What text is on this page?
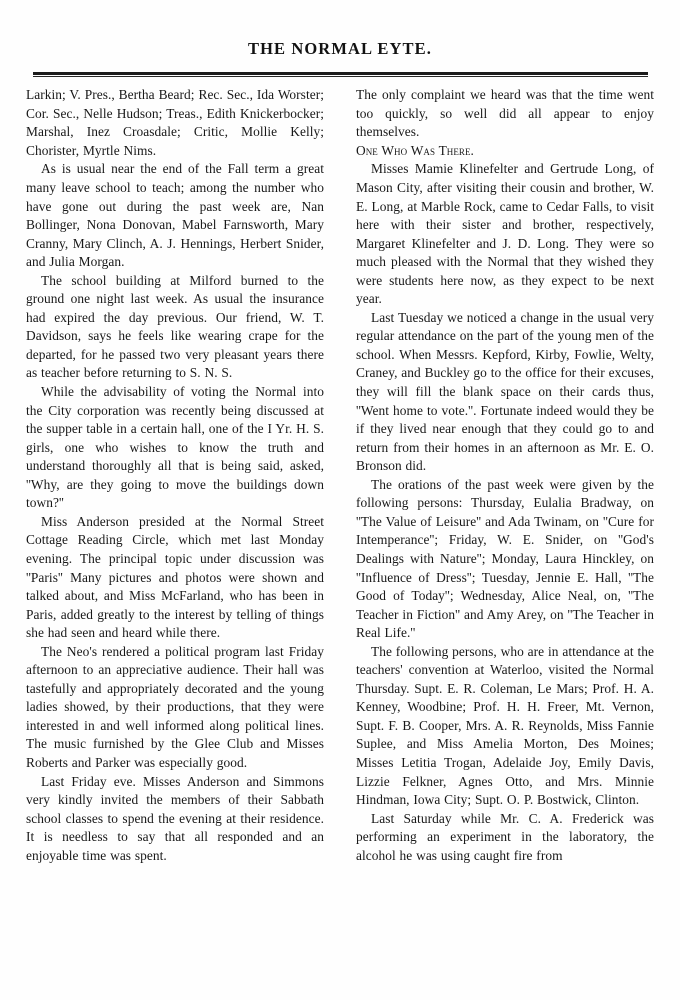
THE NORMAL EYTE.

Larkin; V. Pres., Bertha Beard; Rec. Sec., Ida Worster; Cor. Sec., Nelle Hudson; Treas., Edith Knickerbocker; Marshal, Inez Croasdale; Critic, Mollie Kelly; Chorister, Myrtle Nims.

As is usual near the end of the Fall term a great many leave school to teach; among the number who have gone out during the past week are, Nan Bollinger, Nona Donovan, Mabel Farnsworth, Mary Cranny, Mary Clinch, A. J. Hennings, Herbert Snider, and Julia Morgan.

The school building at Milford burned to the ground one night last week. As usual the insurance had expired the day previous. Our friend, W. T. Davidson, says he feels like wearing crape for the departed, for he passed two very pleasant years there as teacher before returning to S. N. S.

While the advisability of voting the Normal into the City corporation was recently being discussed at the supper table in a certain hall, one of the I Yr. H. S. girls, one who wishes to know the truth and understand thoroughly all that is being said, asked, ''Why, are they going to move the buildings down town?''

Miss Anderson presided at the Normal Street Cottage Reading Circle, which met last Monday evening. The principal topic under discussion was ''Paris'' Many pictures and photos were shown and talked about, and Miss McFarland, who has been in Paris, added greatly to the interest by telling of things she had seen and heard while there.

The Neo's rendered a political program last Friday afternoon to an appreciative audience. Their hall was tastefully and appropriately decorated and the young ladies showed, by their productions, that they were interested in and well informed along political lines. The music furnished by the Glee Club and Misses Roberts and Parker was especially good.

Last Friday eve. Misses Anderson and Simmons very kindly invited the members of their Sabbath school classes to spend the evening at their residence. It is needless to say that all responded and an enjoyable time was spent.

The only complaint we heard was that the time went too quickly, so well did all appear to enjoy themselves.

One Who Was There.

Misses Mamie Klinefelter and Gertrude Long, of Mason City, after visiting their cousin and brother, W. E. Long, at Marble Rock, came to Cedar Falls, to visit here with their sister and brother, respectively, Margaret Klinefelter and J. D. Long. They were so much pleased with the Normal that they wished they were students here now, as they expect to be next year.

Last Tuesday we noticed a change in the usual very regular attendance on the part of the young men of the school. When Messrs. Kepford, Kirby, Fowlie, Welty, Craney, and Buckley go to the office for their excuses, they will fill the blank space on their cards thus, ''Went home to vote.''. Fortunate indeed would they be if they lived near enough that they could go to and return from their homes in an afternoon as Mr. E. O. Bronson did.

The orations of the past week were given by the following persons: Thursday, Eulalia Bradway, on ''The Value of Leisure'' and Ada Twinam, on ''Cure for Intemperance''; Friday, W. E. Snider, on ''God's Dealings with Nature''; Monday, Laura Hinckley, on ''Influence of Dress''; Tuesday, Jennie E. Hall, ''The Good of Today''; Wednesday, Alice Neal, on, ''The Teacher in Fiction'' and Amy Arey, on ''The Teacher in Real Life.''

The following persons, who are in attendance at the teachers' convention at Waterloo, visited the Normal Thursday. Supt. E. R. Coleman, Le Mars; Prof. H. A. Kenney, Woodbine; Prof. H. H. Freer, Mt. Vernon, Supt. F. B. Cooper, Mrs. A. R. Reynolds, Miss Fannie Suplee, and Miss Amelia Morton, Des Moines; Misses Letitia Trogan, Adelaide Joy, Emily Davis, Lizzie Felkner, Agnes Otto, and Mrs. Minnie Hindman, Iowa City; Supt. O. P. Bostwick, Clinton.

Last Saturday while Mr. C. A. Frederick was performing an experiment in the laboratory, the alcohol he was using caught fire from
